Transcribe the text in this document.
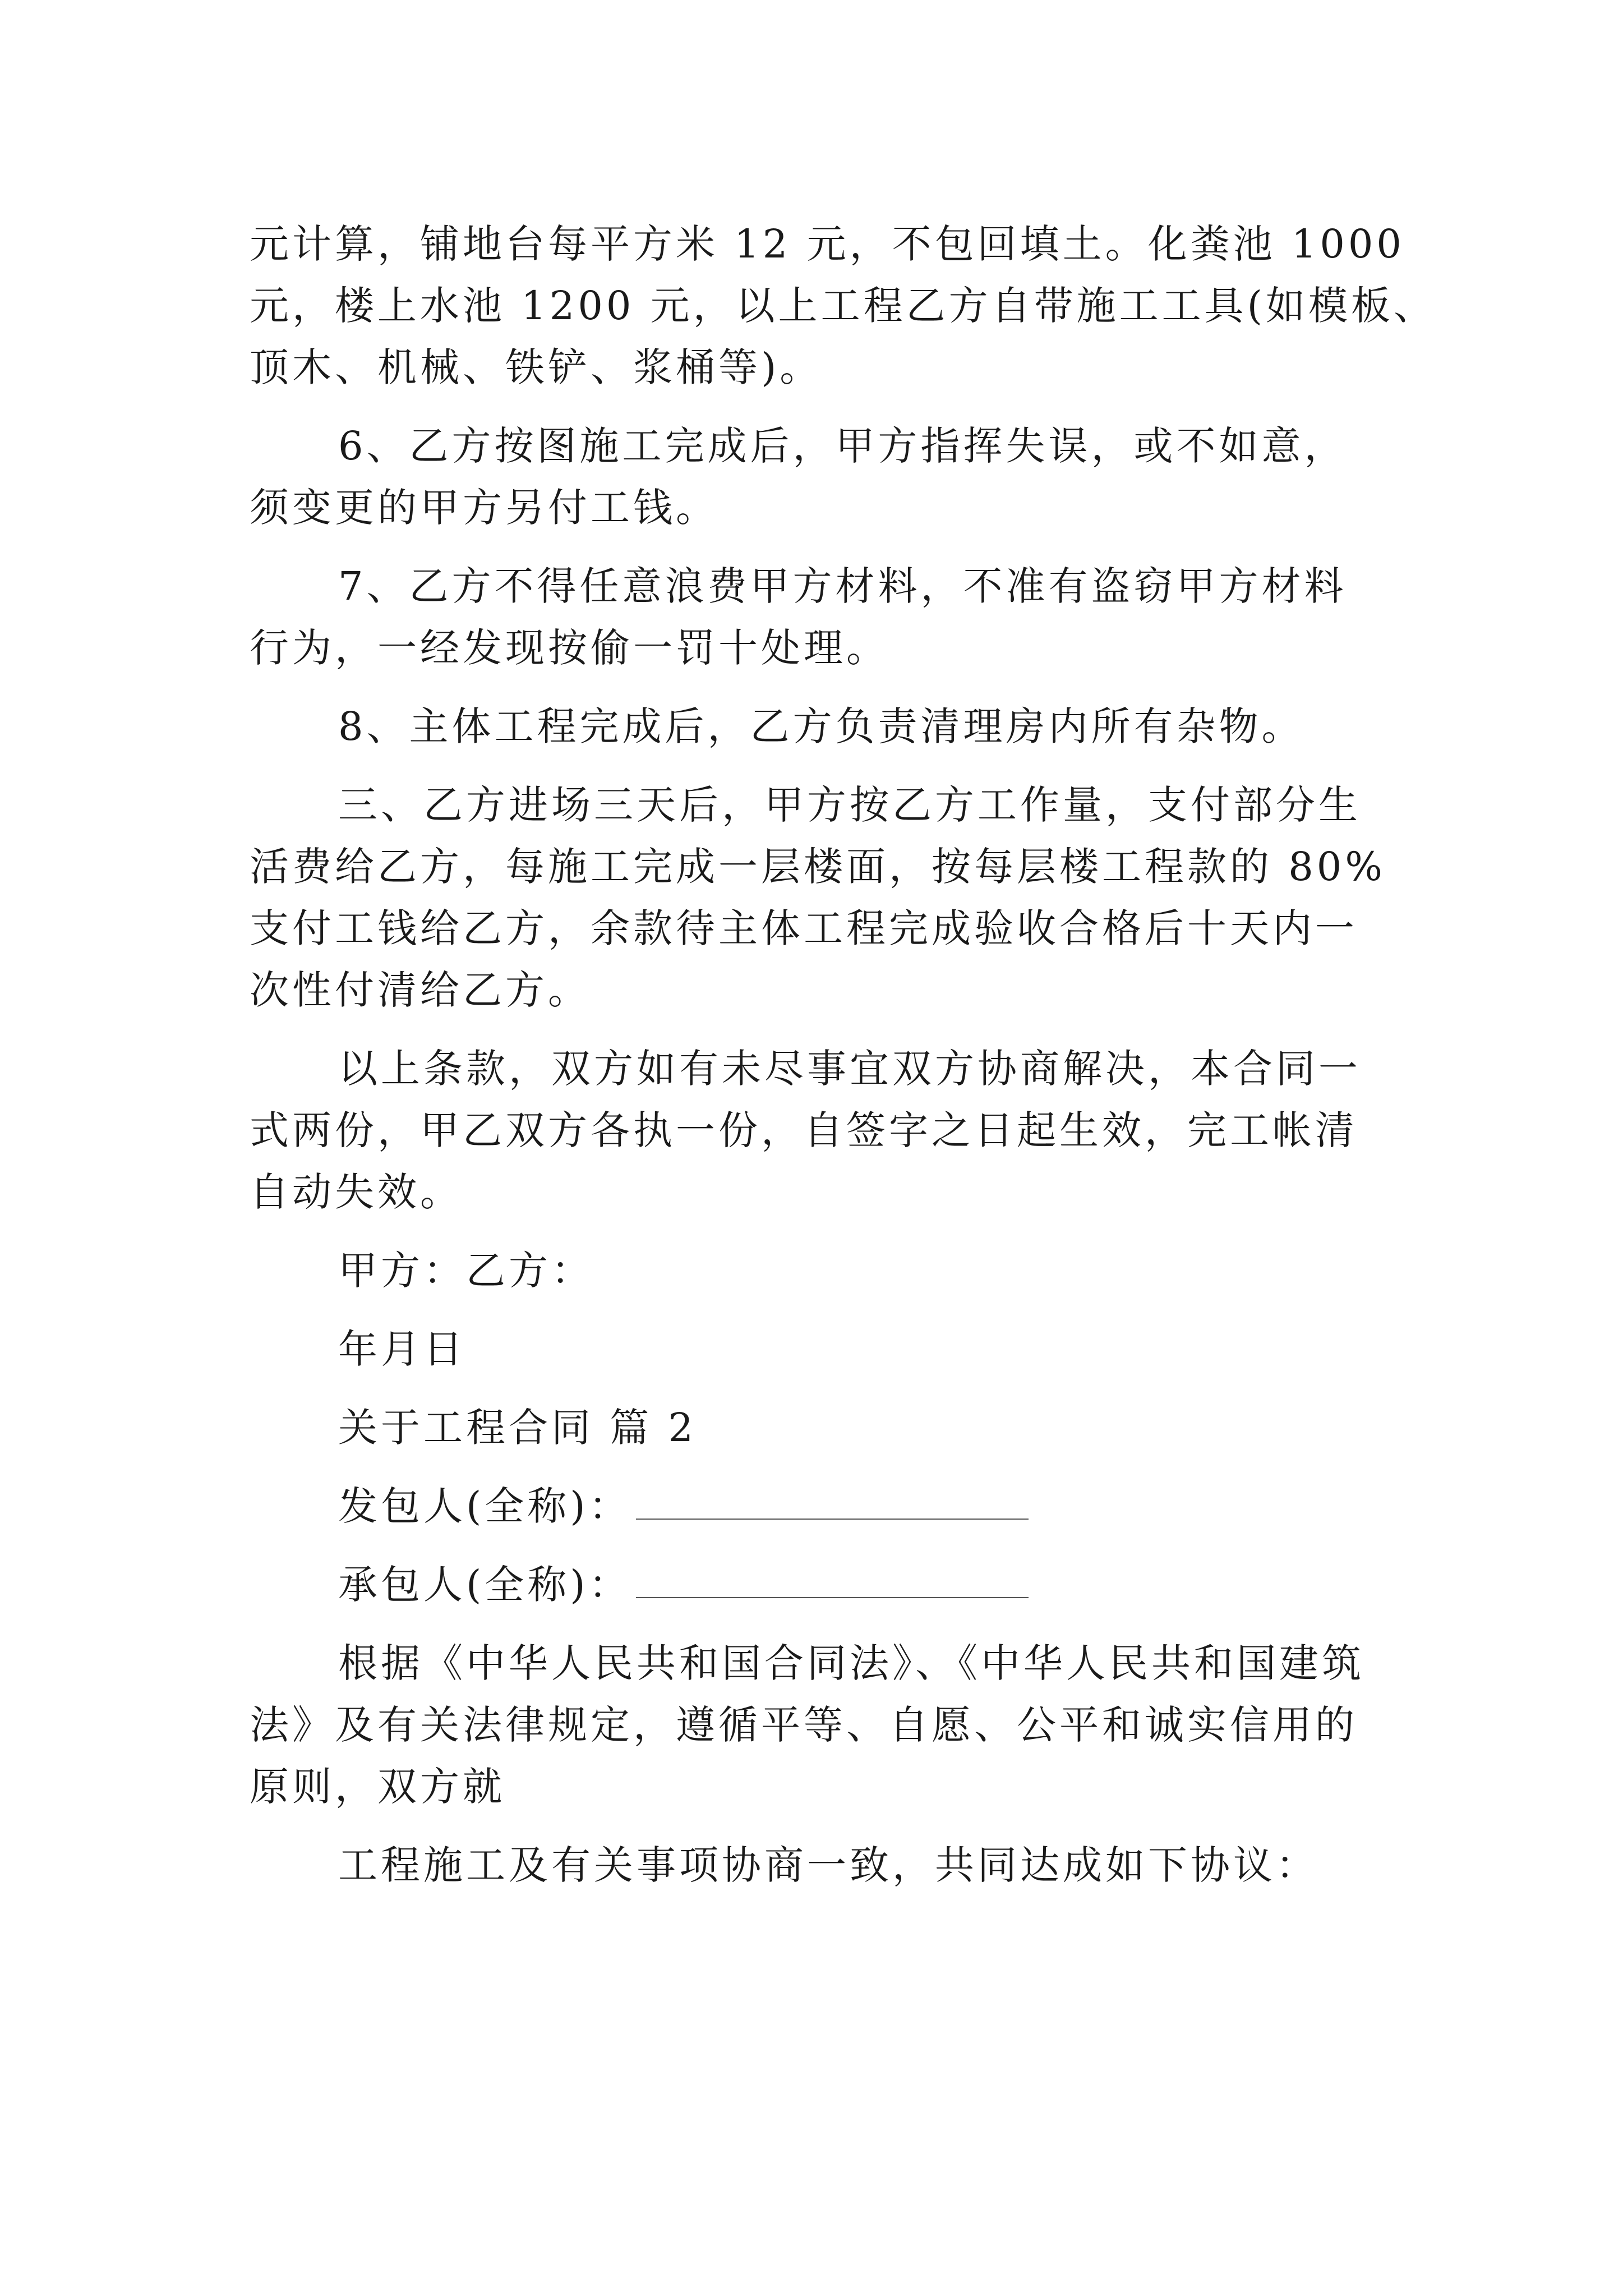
元计算，铺地台每平方米 12 元，不包回填土。化粪池 1000
元，楼上水池 1200 元，以上工程乙方自带施工工具(如模板、
顶木、机械、铁铲、浆桶等)。
6、乙方按图施工完成后，甲方指挥失误，或不如意，
须变更的甲方另付工钱。
7、乙方不得任意浪费甲方材料，不准有盗窃甲方材料
行为，一经发现按偷一罚十处理。
8、主体工程完成后，乙方负责清理房内所有杂物。
三、乙方进场三天后，甲方按乙方工作量，支付部分生
活费给乙方，每施工完成一层楼面，按每层楼工程款的 80%
支付工钱给乙方，余款待主体工程完成验收合格后十天内一
次性付清给乙方。
以上条款，双方如有未尽事宜双方协商解决，本合同一
式两份，甲乙双方各执一份，自签字之日起生效，完工帐清
自动失效。
甲方：乙方：
年月日
关于工程合同 篇 2
发包人(全称)：
承包人(全称)：
根据《中华人民共和国合同法》、《中华人民共和国建筑
法》及有关法律规定，遵循平等、自愿、公平和诚实信用的
原则，双方就
工程施工及有关事项协商一致，共同达成如下协议：
